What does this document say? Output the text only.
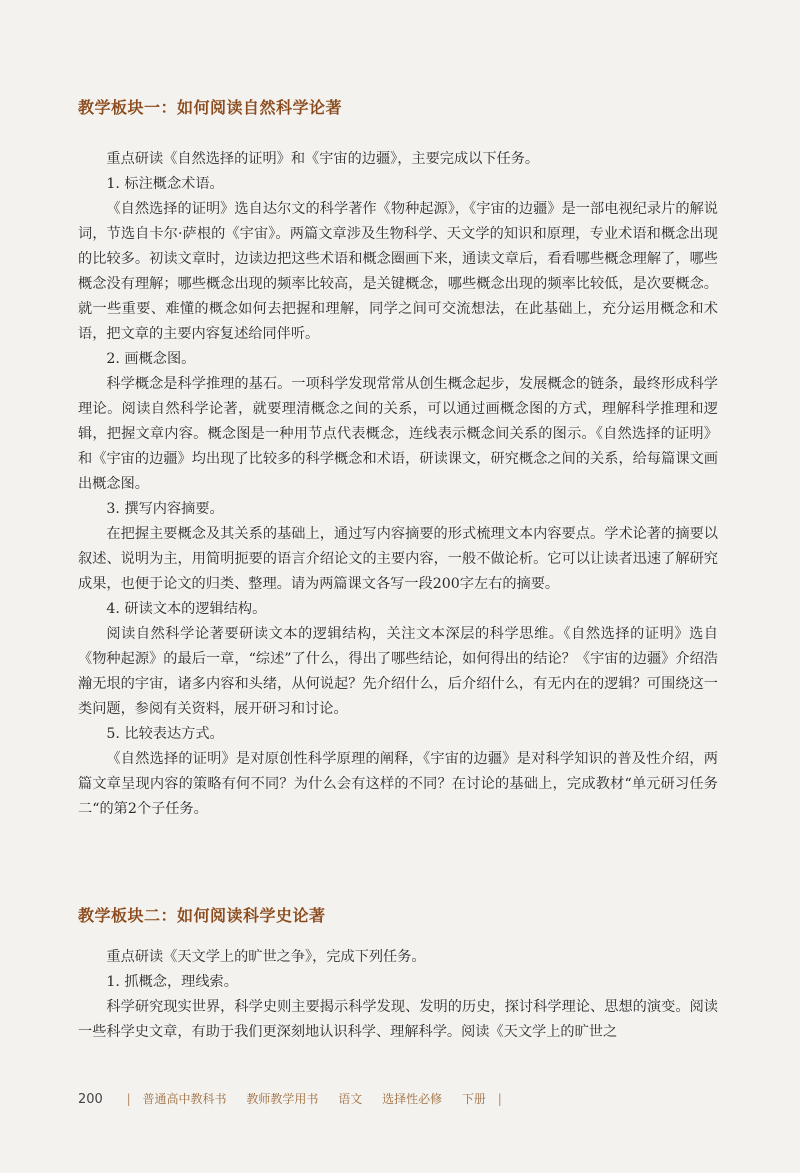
教学板块一：如何阅读自然科学论著

重点研读《自然选择的证明》和《宇宙的边疆》，主要完成以下任务。

1. 标注概念术语。

《自然选择的证明》选自达尔文的科学著作《物种起源》，《宇宙的边疆》是一部电视纪录片的解说词，节选自卡尔·萨根的《宇宙》。两篇文章涉及生物科学、天文学的知识和原理，专业术语和概念出现的比较多。初读文章时，边读边把这些术语和概念圈画下来，通读文章后，看看哪些概念理解了，哪些概念没有理解；哪些概念出现的频率比较高，是关键概念，哪些概念出现的频率比较低，是次要概念。就一些重要、难懂的概念如何去把握和理解，同学之间可交流想法，在此基础上，充分运用概念和术语，把文章的主要内容复述给同伴听。

2. 画概念图。

科学概念是科学推理的基石。一项科学发现常常从创生概念起步，发展概念的链条，最终形成科学理论。阅读自然科学论著，就要理清概念之间的关系，可以通过画概念图的方式，理解科学推理和逻辑，把握文章内容。概念图是一种用节点代表概念，连线表示概念间关系的图示。《自然选择的证明》和《宇宙的边疆》均出现了比较多的科学概念和术语，研读课文，研究概念之间的关系，给每篇课文画出概念图。

3. 撰写内容摘要。

在把握主要概念及其关系的基础上，通过写内容摘要的形式梳理文本内容要点。学术论著的摘要以叙述、说明为主，用简明扼要的语言介绍论文的主要内容，一般不做论析。它可以让读者迅速了解研究成果，也便于论文的归类、整理。请为两篇课文各写一段200字左右的摘要。

4. 研读文本的逻辑结构。

阅读自然科学论著要研读文本的逻辑结构，关注文本深层的科学思维。《自然选择的证明》选自《物种起源》的最后一章，“综述”了什么，得出了哪些结论，如何得出的结论？《宇宙的边疆》介绍浩瀚无垠的宇宙，诸多内容和头绪，从何说起？先介绍什么，后介绍什么，有无内在的逻辑？可围绕这一类问题，参阅有关资料，展开研习和讨论。

5. 比较表达方式。

《自然选择的证明》是对原创性科学原理的阐释，《宇宙的边疆》是对科学知识的普及性介绍，两篇文章呈现内容的策略有何不同？为什么会有这样的不同？在讨论的基础上，完成教材“单元研习任务二“的第2个子任务。

教学板块二：如何阅读科学史论著

重点研读《天文学上的旷世之争》，完成下列任务。

1. 抓概念，理线索。

科学研究现实世界，科学史则主要揭示科学发现、发明的历史，探讨科学理论、思想的演变。阅读一些科学史文章，有助于我们更深刻地认识科学、理解科学。阅读《天文学上的旷世之

200 | 普通高中教科书 教师教学用书 语文 选择性必修 下册 |
